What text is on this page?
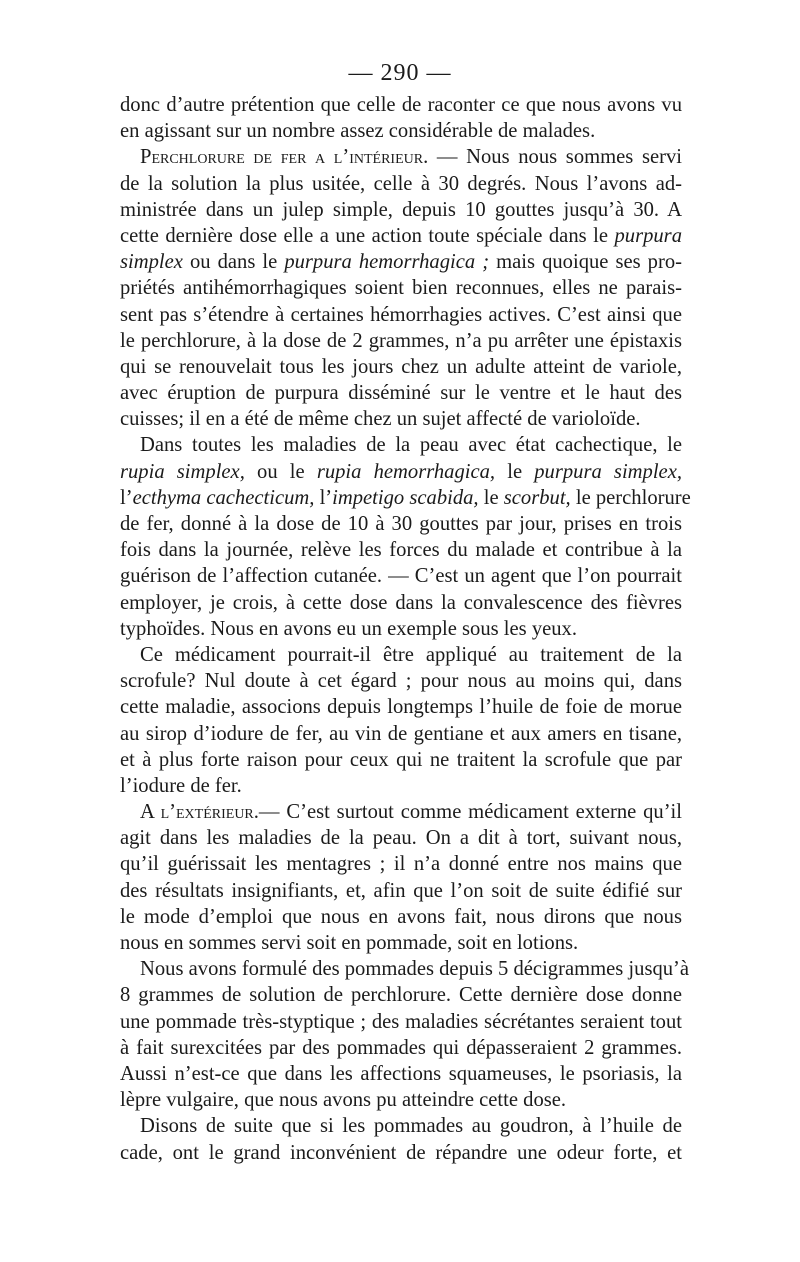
— 290 —
donc d’autre prétention que celle de raconter ce que nous avons vu
en agissant sur un nombre assez considérable de malades.
Perchlorure de fer a l’intérieur. — Nous nous sommes servi
de la solution la plus usitée, celle à 30 degrés. Nous l’avons ad-
ministrée dans un julep simple, depuis 10 gouttes jusqu’à 30. A
cette dernière dose elle a une action toute spéciale dans le purpura
simplex ou dans le purpura hemorrhagica ; mais quoique ses pro-
priétés antihémorrhagiques soient bien reconnues, elles ne parais-
sent pas s’étendre à certaines hémorrhagies actives. C’est ainsi que
le perchlorure, à la dose de 2 grammes, n’a pu arrêter une épistaxis
qui se renouvelait tous les jours chez un adulte atteint de variole,
avec éruption de purpura disséminé sur le ventre et le haut des
cuisses; il en a été de même chez un sujet affecté de varioloïde.
Dans toutes les maladies de la peau avec état cachectique, le
rupia simplex, ou le rupia hemorrhagica, le purpura simplex,
l’ecthyma cachecticum, l’impetigo scabida, le scorbut, le perchlorure
de fer, donné à la dose de 10 à 30 gouttes par jour, prises en trois
fois dans la journée, relève les forces du malade et contribue à la
guérison de l’affection cutanée. — C’est un agent que l’on pourrait
employer, je crois, à cette dose dans la convalescence des fièvres
typhoïdes. Nous en avons eu un exemple sous les yeux.
Ce médicament pourrait-il être appliqué au traitement de la
scrofule? Nul doute à cet égard ; pour nous au moins qui, dans
cette maladie, associons depuis longtemps l’huile de foie de morue
au sirop d’iodure de fer, au vin de gentiane et aux amers en tisane,
et à plus forte raison pour ceux qui ne traitent la scrofule que par
l’iodure de fer.
A l’extérieur.— C’est surtout comme médicament externe qu’il
agit dans les maladies de la peau. On a dit à tort, suivant nous,
qu’il guérissait les mentagres ; il n’a donné entre nos mains que
des résultats insignifiants, et, afin que l’on soit de suite édifié sur
le mode d’emploi que nous en avons fait, nous dirons que nous
nous en sommes servi soit en pommade, soit en lotions.
Nous avons formulé des pommades depuis 5 décigrammes jusqu’à
8 grammes de solution de perchlorure. Cette dernière dose donne
une pommade très-styptique ; des maladies sécrétantes seraient tout
à fait surexcitées par des pommades qui dépasseraient 2 grammes.
Aussi n’est-ce que dans les affections squameuses, le psoriasis, la
lèpre vulgaire, que nous avons pu atteindre cette dose.
Disons de suite que si les pommades au goudron, à l’huile de
cade, ont le grand inconvénient de répandre une odeur forte, et
